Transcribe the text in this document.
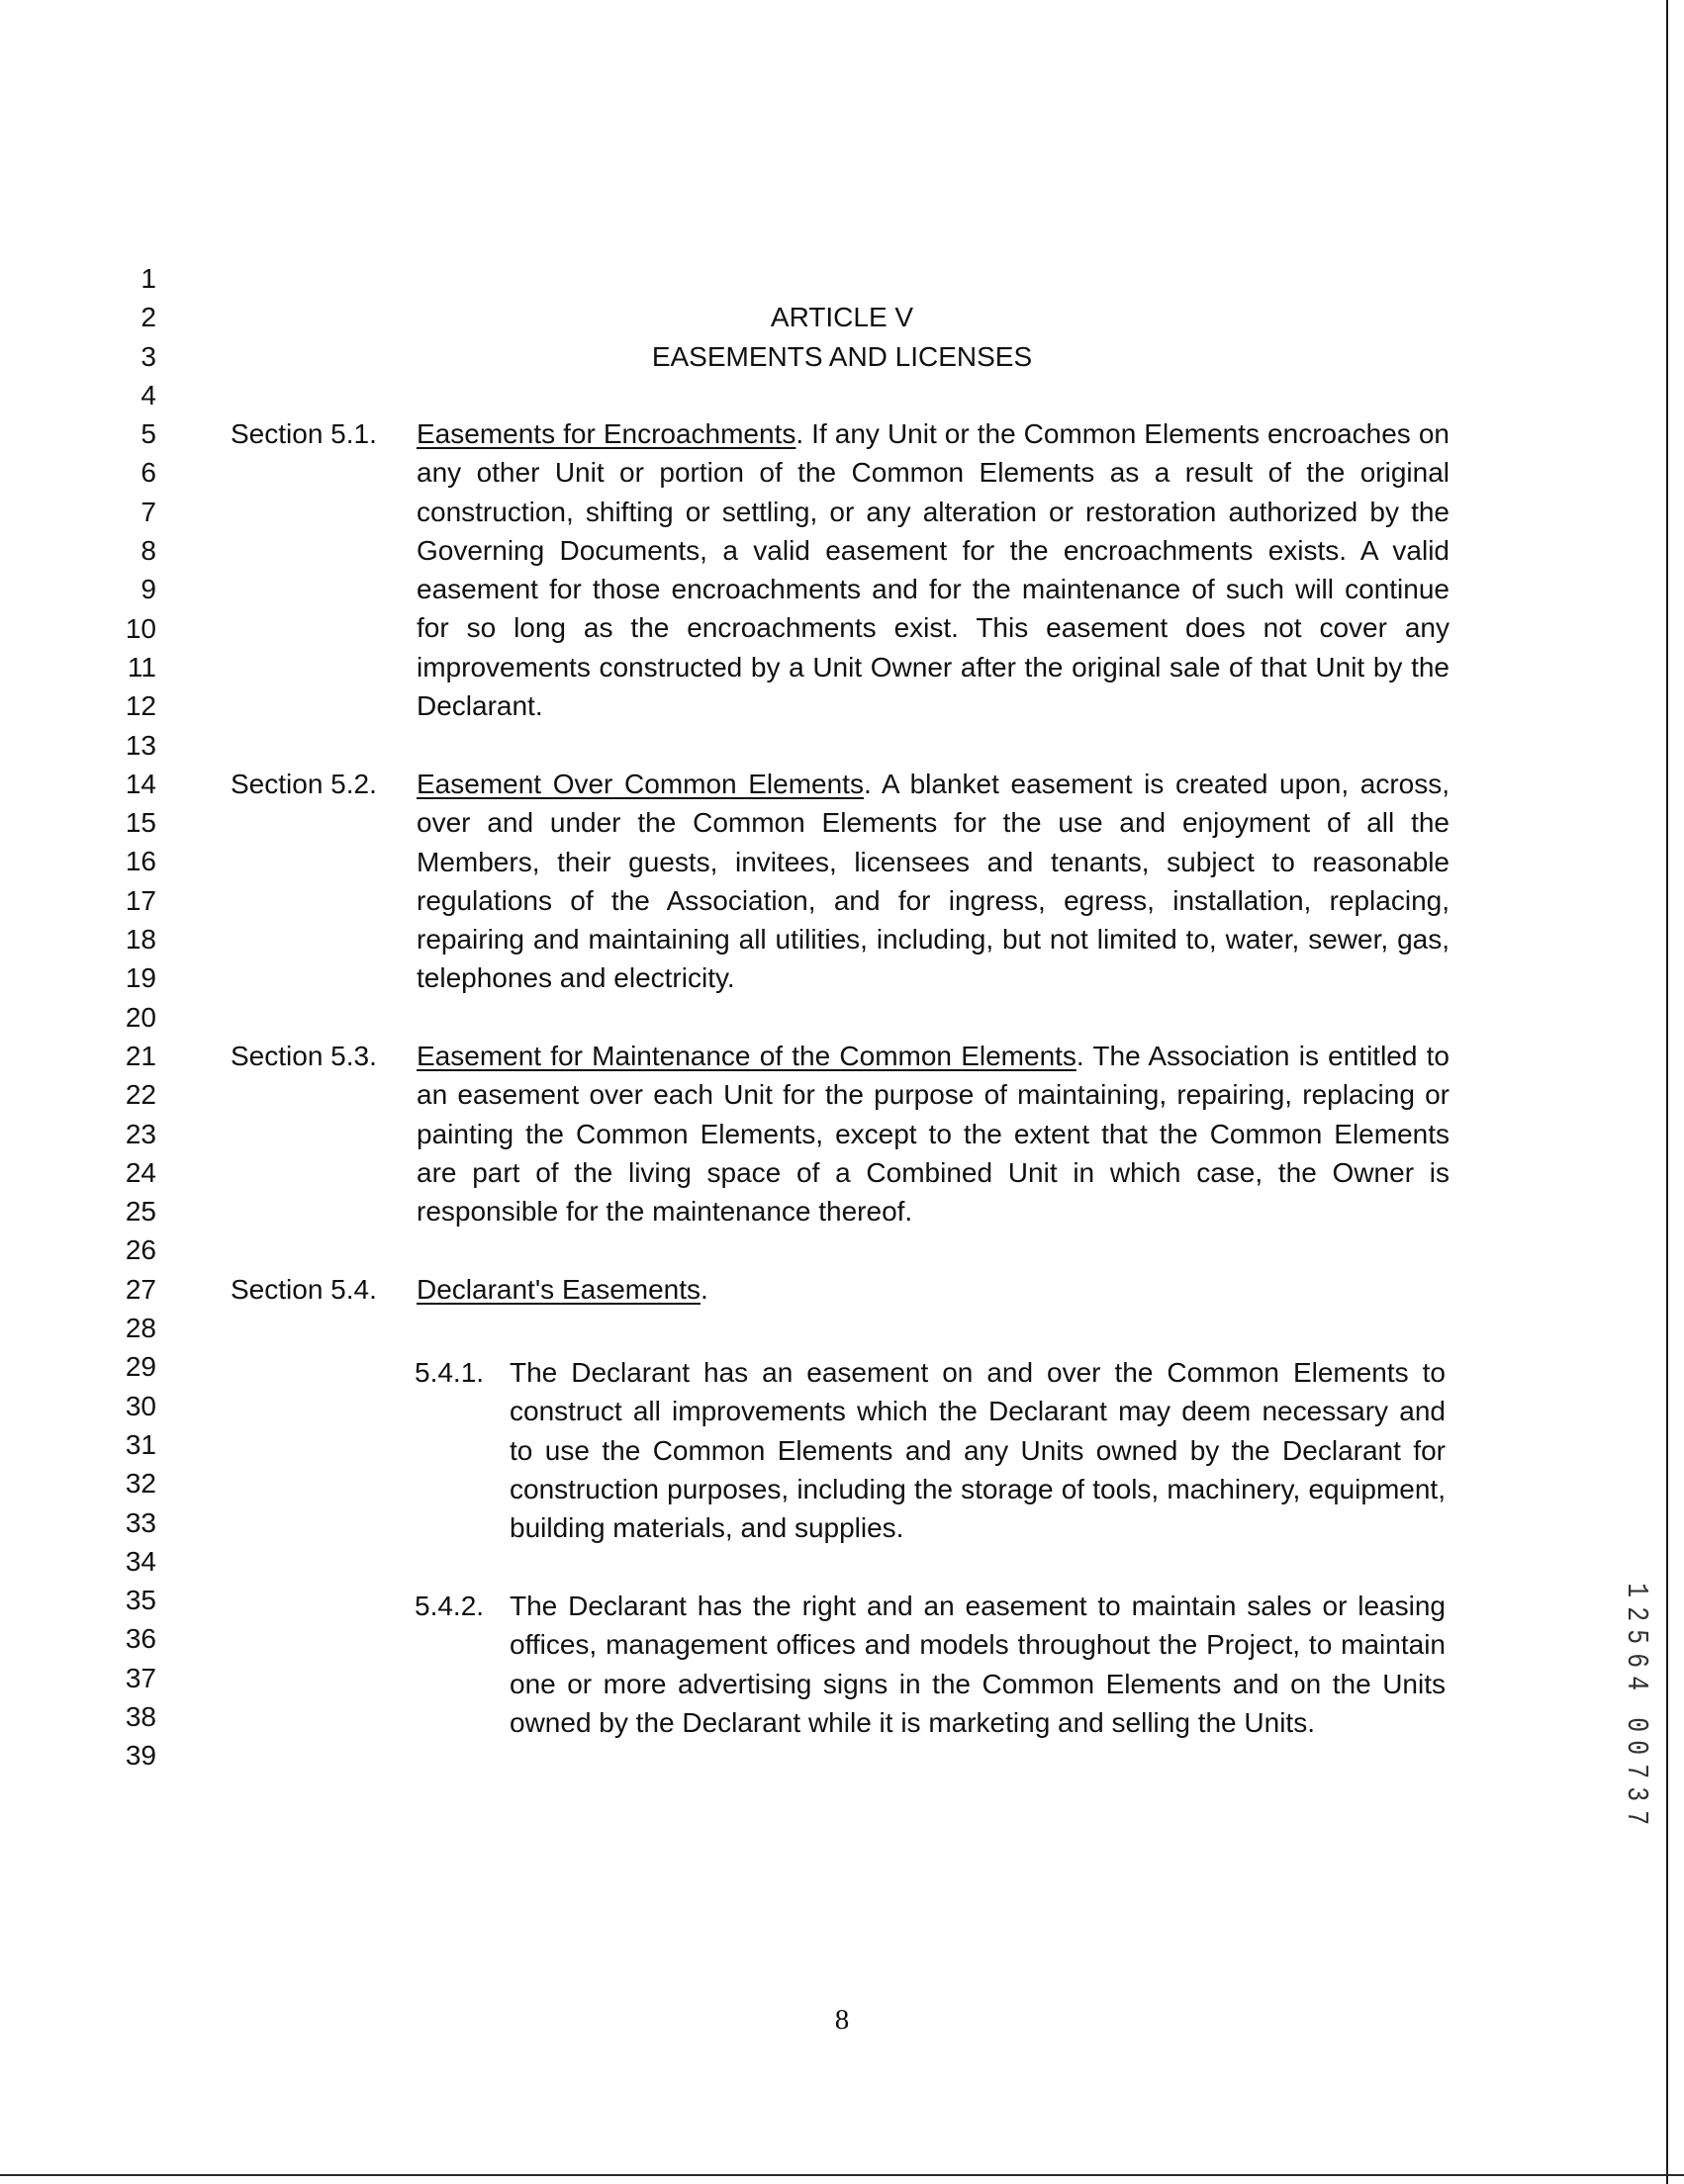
1
2
3
4
5
6
7
8
9
10
11
12
13
14
15
16
17
18
19
20
21
22
23
24
25
26
27
28
29
30
31
32
33
34
35
36
37
38
39
ARTICLE V
EASEMENTS AND LICENSES
Section 5.1. Easements for Encroachments. If any Unit or the Common Elements encroaches on any other Unit or portion of the Common Elements as a result of the original construction, shifting or settling, or any alteration or restoration authorized by the Governing Documents, a valid easement for the encroachments exists. A valid easement for those encroachments and for the maintenance of such will continue for so long as the encroachments exist. This easement does not cover any improvements constructed by a Unit Owner after the original sale of that Unit by the Declarant.
Section 5.2. Easement Over Common Elements. A blanket easement is created upon, across, over and under the Common Elements for the use and enjoyment of all the Members, their guests, invitees, licensees and tenants, subject to reasonable regulations of the Association, and for ingress, egress, installation, replacing, repairing and maintaining all utilities, including, but not limited to, water, sewer, gas, telephones and electricity.
Section 5.3. Easement for Maintenance of the Common Elements. The Association is entitled to an easement over each Unit for the purpose of maintaining, repairing, replacing or painting the Common Elements, except to the extent that the Common Elements are part of the living space of a Combined Unit in which case, the Owner is responsible for the maintenance thereof.
Section 5.4. Declarant's Easements.
5.4.1. The Declarant has an easement on and over the Common Elements to construct all improvements which the Declarant may deem necessary and to use the Common Elements and any Units owned by the Declarant for construction purposes, including the storage of tools, machinery, equipment, building materials, and supplies.
5.4.2. The Declarant has the right and an easement to maintain sales or leasing offices, management offices and models throughout the Project, to maintain one or more advertising signs in the Common Elements and on the Units owned by the Declarant while it is marketing and selling the Units.
8
1
2
5
6
4
0
0
7
3
7
